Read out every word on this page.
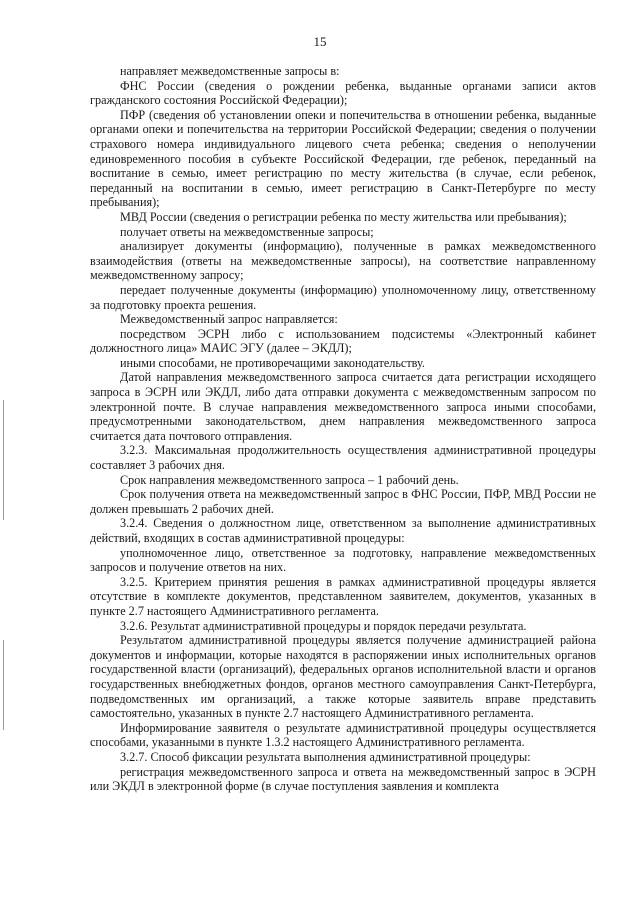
15

направляет межведомственные запросы в:

ФНС России (сведения о рождении ребенка, выданные органами записи актов гражданского состояния Российской Федерации);

ПФР (сведения об установлении опеки и попечительства в отношении ребенка, выданные органами опеки и попечительства на территории Российской Федерации; сведения о получении страхового номера индивидуального лицевого счета ребенка; сведения о неполучении единовременного пособия в субъекте Российской Федерации, где ребенок, переданный на воспитание в семью, имеет регистрацию по месту жительства (в случае, если ребенок, переданный на воспитании в семью, имеет регистрацию в Санкт-Петербурге по месту пребывания);

МВД России (сведения о регистрации ребенка по месту жительства или пребывания);

получает ответы на межведомственные запросы;

анализирует документы (информацию), полученные в рамках межведомственного взаимодействия (ответы на межведомственные запросы), на соответствие направленному межведомственному запросу;

передает полученные документы (информацию) уполномоченному лицу, ответственному за подготовку проекта решения.

Межведомственный запрос направляется:

посредством ЭСРН либо с использованием подсистемы «Электронный кабинет должностного лица» МАИС ЭГУ (далее – ЭКДЛ);

иными способами, не противоречащими законодательству.

Датой направления межведомственного запроса считается дата регистрации исходящего запроса в ЭСРН или ЭКДЛ, либо дата отправки документа с межведомственным запросом по электронной почте. В случае направления межведомственного запроса иными способами, предусмотренными законодательством, днем направления межведомственного запроса считается дата почтового отправления.

3.2.3. Максимальная продолжительность осуществления административной процедуры составляет 3 рабочих дня.

Срок направления межведомственного запроса – 1 рабочий день.

Срок получения ответа на межведомственный запрос в ФНС России, ПФР, МВД России не должен превышать 2 рабочих дней.

3.2.4. Сведения о должностном лице, ответственном за выполнение административных действий, входящих в состав административной процедуры:

уполномоченное лицо, ответственное за подготовку, направление межведомственных запросов и получение ответов на них.

3.2.5. Критерием принятия решения в рамках административной процедуры является отсутствие в комплекте документов, представленном заявителем, документов, указанных в пункте 2.7 настоящего Административного регламента.

3.2.6. Результат административной процедуры и порядок передачи результата.

Результатом административной процедуры является получение администрацией района документов и информации, которые находятся в распоряжении иных исполнительных органов государственной власти (организаций), федеральных органов исполнительной власти и органов государственных внебюджетных фондов, органов местного самоуправления Санкт-Петербурга, подведомственных им организаций, а также которые заявитель вправе представить самостоятельно, указанных в пункте 2.7 настоящего Административного регламента.

Информирование заявителя о результате административной процедуры осуществляется способами, указанными в пункте 1.3.2 настоящего Административного регламента.

3.2.7. Способ фиксации результата выполнения административной процедуры:

регистрация межведомственного запроса и ответа на межведомственный запрос в ЭСРН или ЭКДЛ в электронной форме (в случае поступления заявления и комплекта
